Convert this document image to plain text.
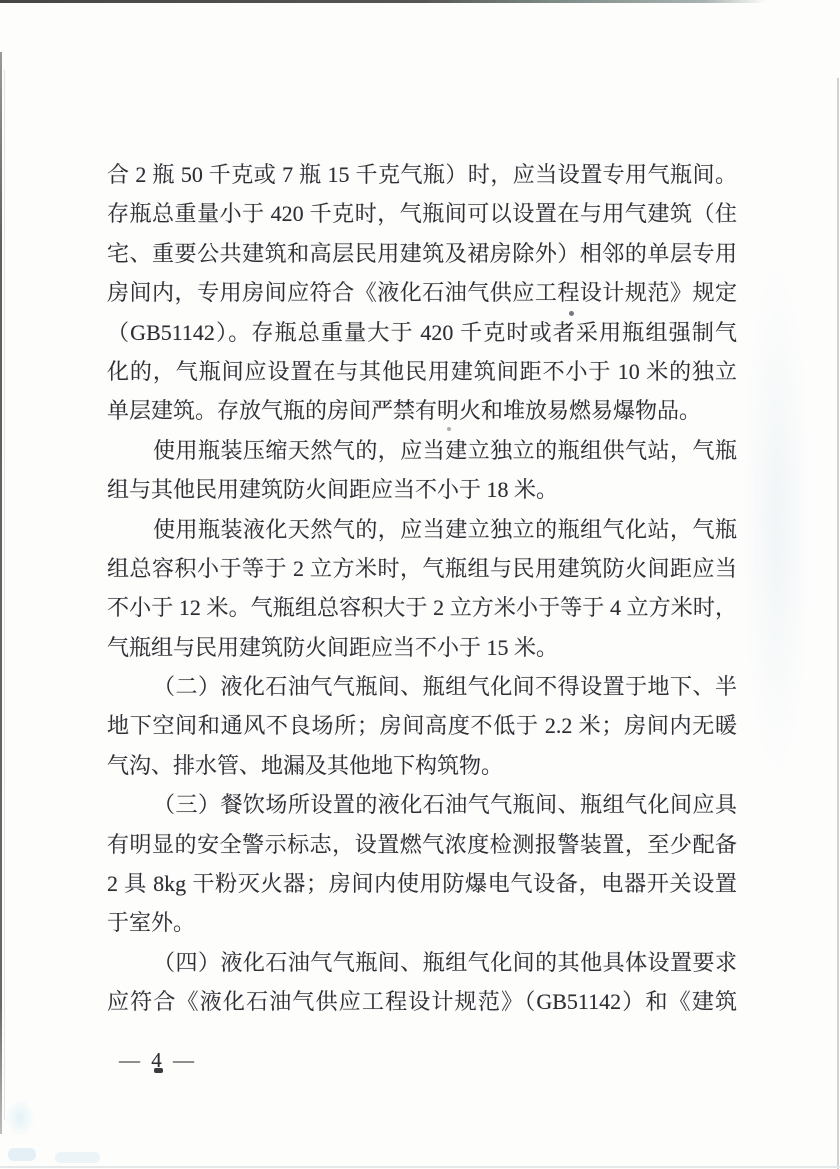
合 2 瓶 50 千克或 7 瓶 15 千克气瓶）时，应当设置专用气瓶间。
存瓶总重量小于 420 千克时，气瓶间可以设置在与用气建筑（住
宅、重要公共建筑和高层民用建筑及裙房除外）相邻的单层专用
房间内，专用房间应符合《液化石油气供应工程设计规范》规定
（GB51142）。存瓶总重量大于 420 千克时或者采用瓶组强制气
化的，气瓶间应设置在与其他民用建筑间距不小于 10 米的独立
单层建筑。存放气瓶的房间严禁有明火和堆放易燃易爆物品。
使用瓶装压缩天然气的，应当建立独立的瓶组供气站，气瓶
组与其他民用建筑防火间距应当不小于 18 米。
使用瓶装液化天然气的，应当建立独立的瓶组气化站，气瓶
组总容积小于等于 2 立方米时，气瓶组与民用建筑防火间距应当
不小于 12 米。气瓶组总容积大于 2 立方米小于等于 4 立方米时，
气瓶组与民用建筑防火间距应当不小于 15 米。
（二）液化石油气气瓶间、瓶组气化间不得设置于地下、半
地下空间和通风不良场所；房间高度不低于 2.2 米；房间内无暖
气沟、排水管、地漏及其他地下构筑物。
（三）餐饮场所设置的液化石油气气瓶间、瓶组气化间应具
有明显的安全警示标志，设置燃气浓度检测报警装置，至少配备
2 具 8kg 干粉灭火器；房间内使用防爆电气设备，电器开关设置
于室外。
（四）液化石油气气瓶间、瓶组气化间的其他具体设置要求
应符合《液化石油气供应工程设计规范》（GB51142）和《建筑
— 4 —
